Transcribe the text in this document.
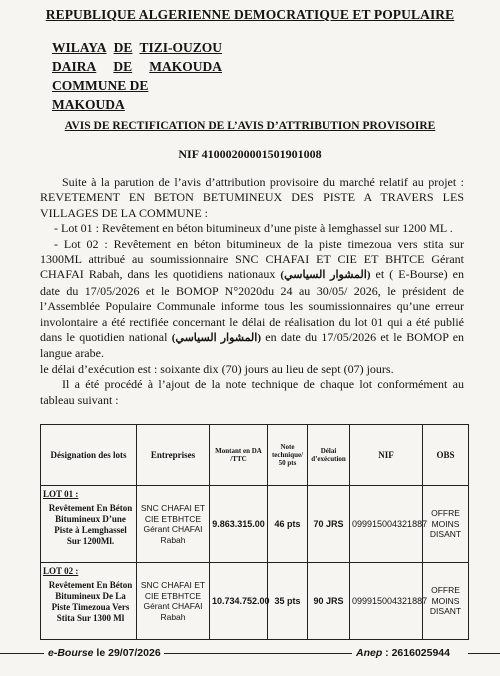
REPUBLIQUE ALGERIENNE DEMOCRATIQUE ET POPULAIRE
WILAYA DE TIZI-OUZOU
DAIRA DE MAKOUDA
COMMUNE DE MAKOUDA
AVIS DE RECTIFICATION DE L’AVIS D’ATTRIBUTION PROVISOIRE
NIF 41000200001501901008

Suite à la parution de l’avis d’attribution provisoire du marché relatif au projet : REVETEMENT EN BETON BETUMINEUX DES PISTE A TRAVERS LES VILLAGES DE LA COMMUNE :

- Lot 01 : Revêtement en béton bitumineux d’une piste à lemghassel sur 1200 ML .

- Lot 02 : Revêtement en béton bitumineux de la piste timezoua vers stita sur 1300ML attribué au soumissionnaire SNC CHAFAI ET CIE ET BHTCE Gérant CHAFAI Rabah, dans les quotidiens nationaux (المشوار السياسي) et ( E-Bourse) en date du 17/05/2026 et le BOMOP N°2020du 24 au 30/05/ 2026, le président de l’Assemblée Populaire Communale informe tous les soumissionnaires qu’une erreur involontaire a été rectifiée concernant le délai de réalisation du lot 01 qui a été publié dans le quotidien national (المشوار السياسي) en date du 17/05/2026 et le BOMOP en langue arabe.

le délai d’exécution est : soixante dix (70) jours au lieu de sept (07) jours.

Il a été procédé à l’ajout de la note technique de chaque lot conformément au tableau suivant :

Désignation des lots	Entreprises	Montant en DA /TTC	Note technique/ 50 pts	Délai d’exécution	NIF	OBS

LOT 01 :
Revêtement En Béton Bitumineux D’une Piste à Lemghassel Sur 1200Ml.	SNC CHAFAI ET CIE ETBHTCE Gérant CHAFAI Rabah	9.863.315.00	46 pts	70 JRS	099915004321887	OFFRE MOINS DISANT

LOT 02 :
Revêtement En Béton Bitumineux De La Piste Timezoua Vers Stita Sur 1300 Ml	SNC CHAFAI ET CIE ETBHTCE Gérant CHAFAI Rabah	10.734.752.00	35 pts	90 JRS	099915004321887	OFFRE MOINS DISANT
e-Bourse le 29/07/2026	Anep : 2616025944
